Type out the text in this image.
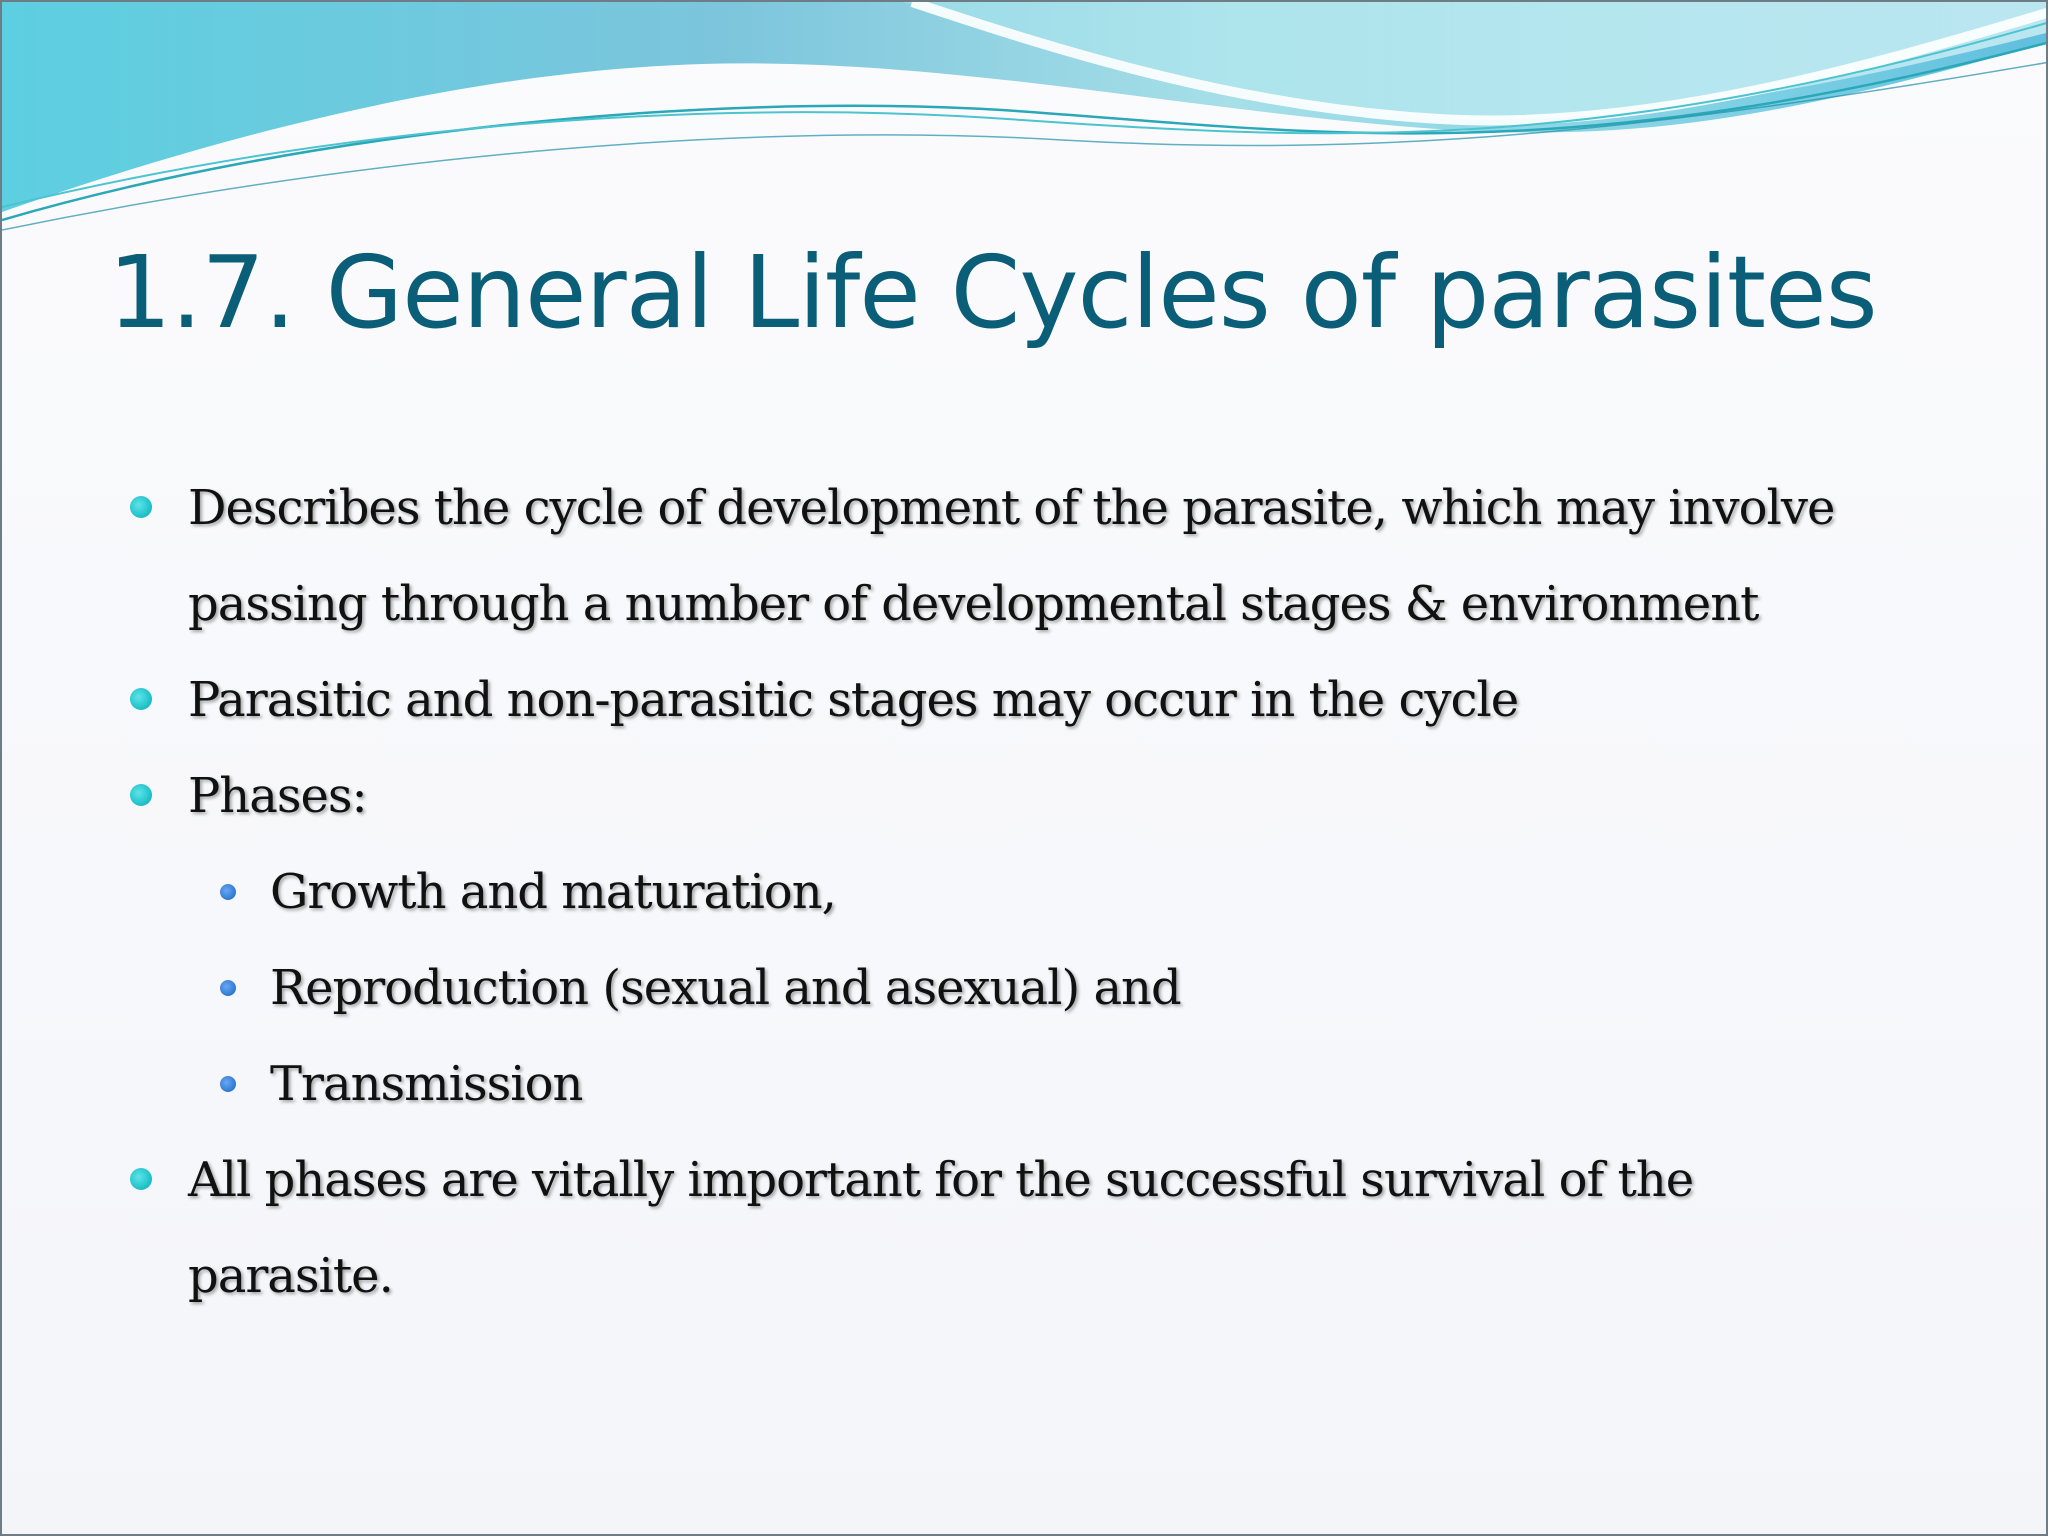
1.7. General Life Cycles of parasites
Describes the cycle of development of the parasite, which may involve
passing through a number of developmental stages & environment
Parasitic and non-parasitic stages may occur in the cycle
Phases:
Growth and maturation,
Reproduction (sexual and asexual) and
Transmission
All phases are vitally important for the successful survival of the
parasite.
